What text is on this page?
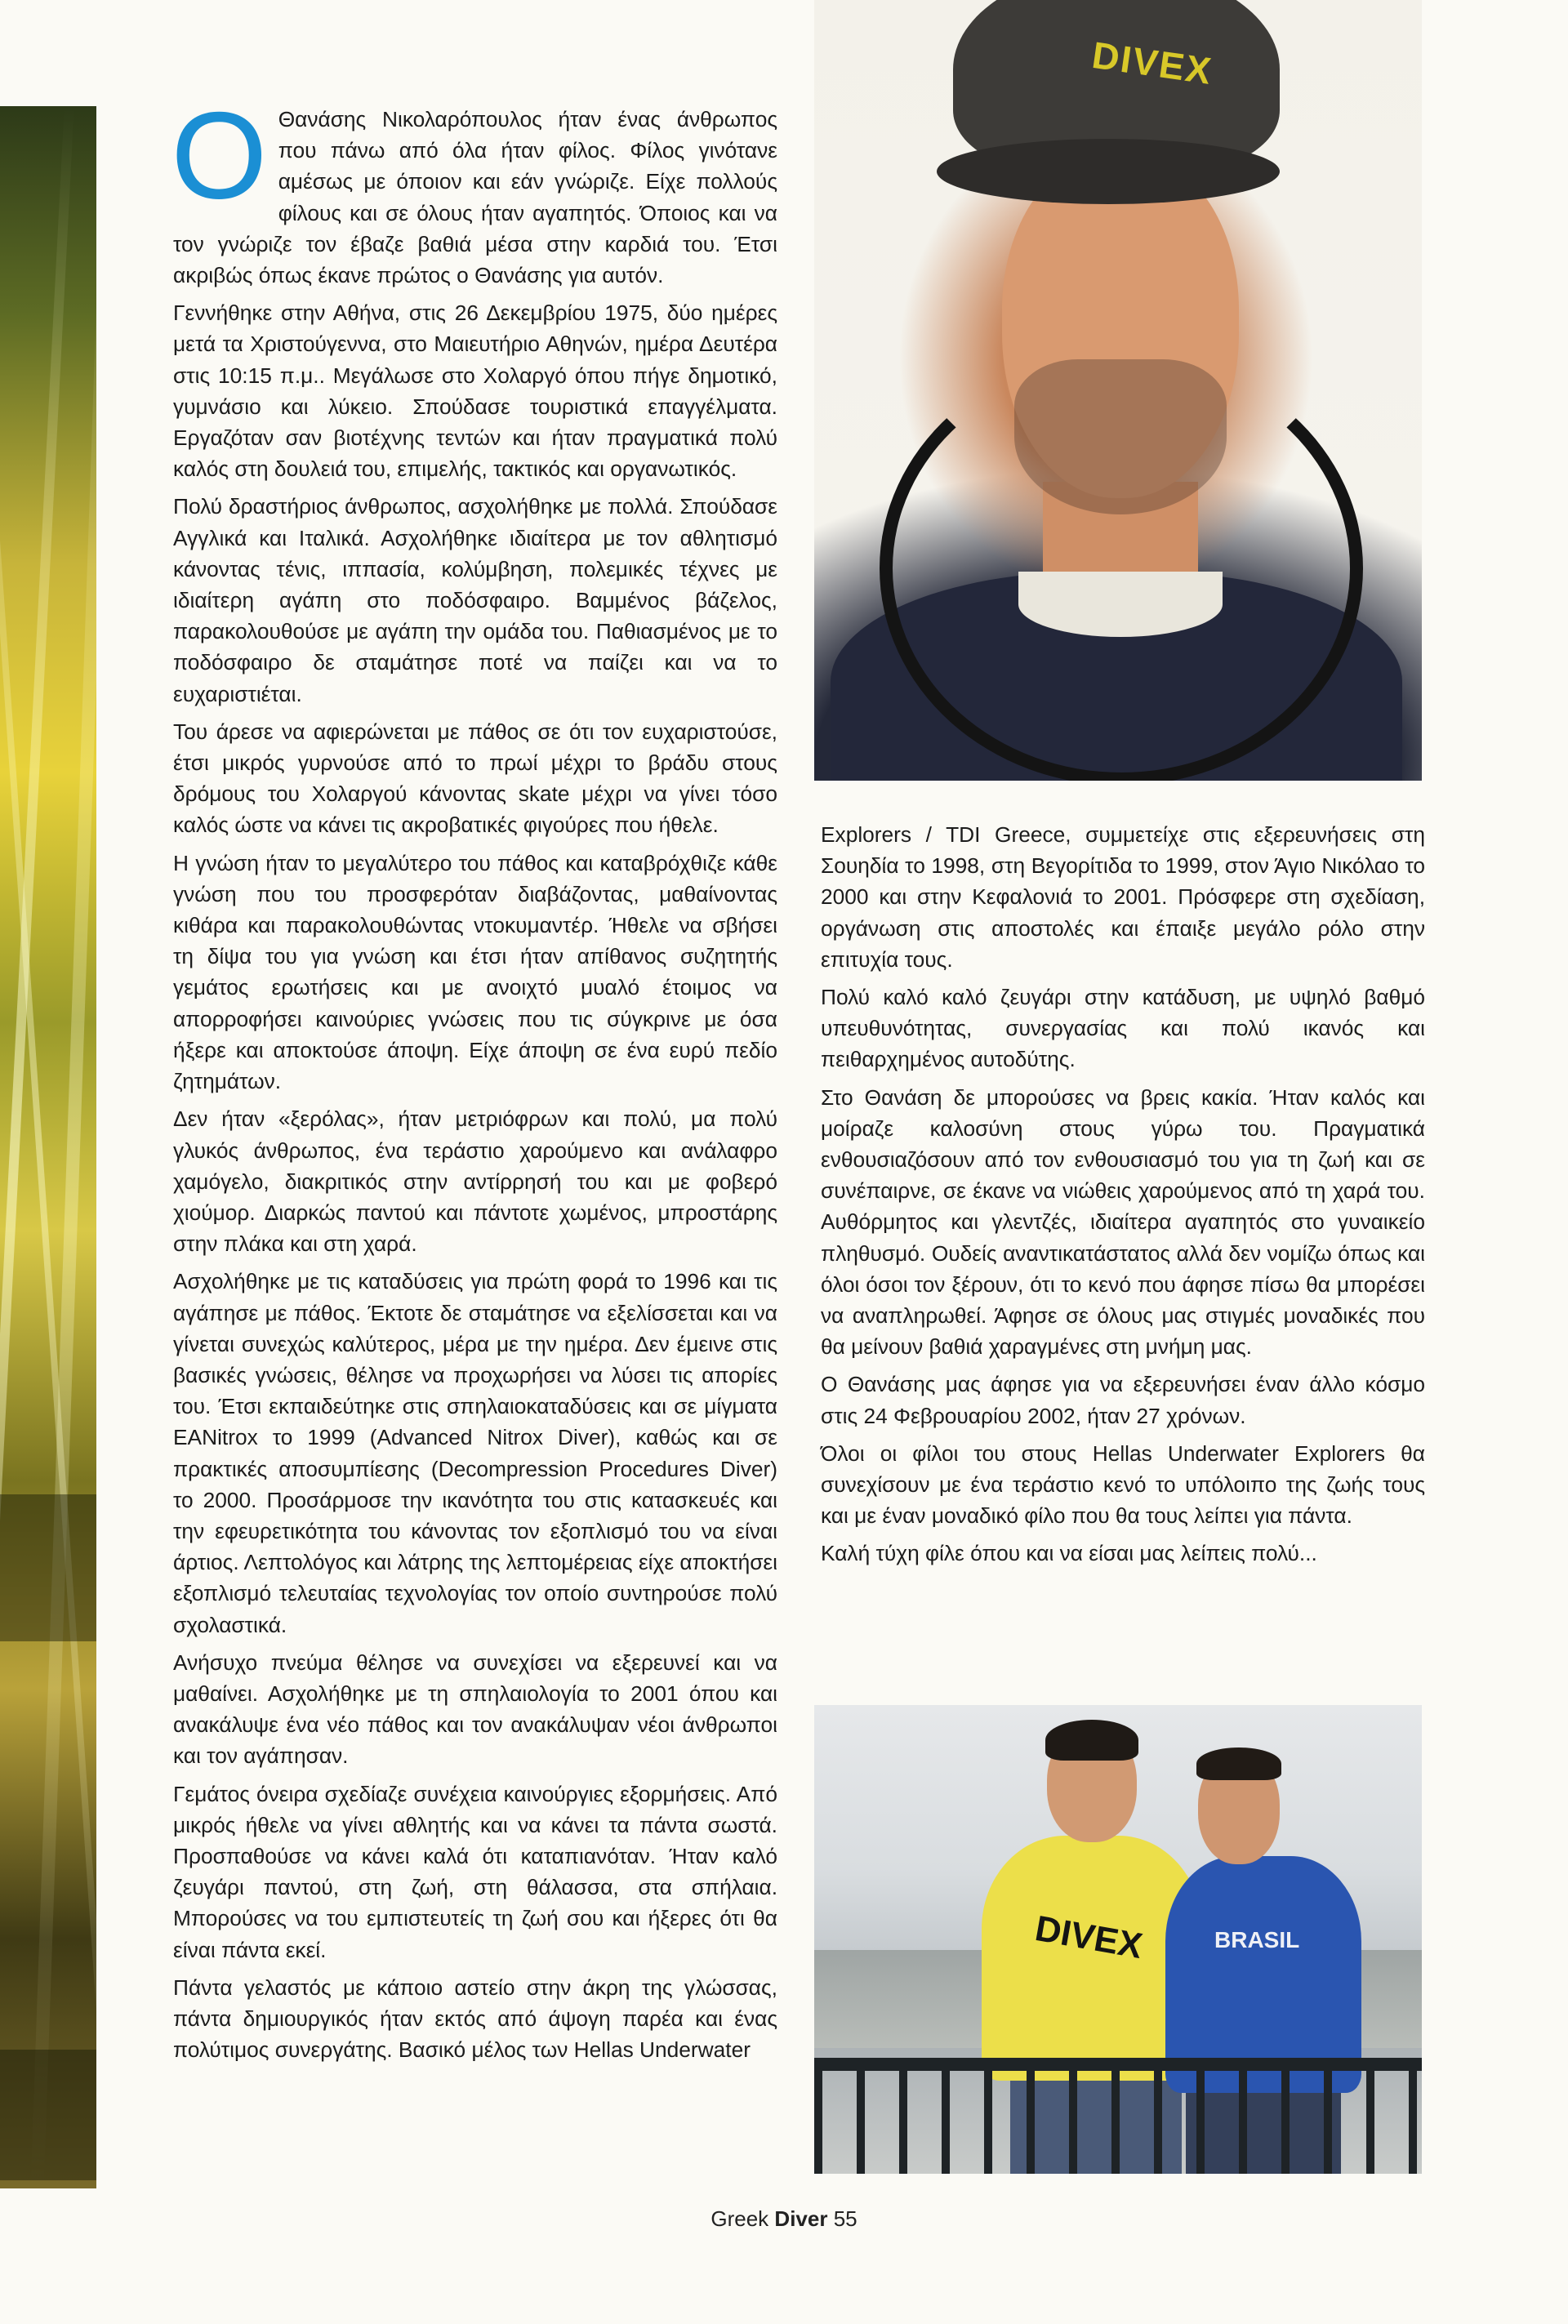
Ο Θανάσης Νικολαρόπουλος ήταν ένας άνθρωπος που πάνω από όλα ήταν φίλος. Φίλος γινότανε αμέσως με όποιον και εάν γνώριζε. Είχε πολλούς φίλους και σε όλους ήταν αγαπητός. Όποιος και να τον γνώριζε τον έβαζε βαθιά μέσα στην καρδιά του. Έτσι ακριβώς όπως έκανε πρώτος ο Θανάσης για αυτόν.

Γεννήθηκε στην Αθήνα, στις 26 Δεκεμβρίου 1975, δύο ημέρες μετά τα Χριστούγεννα, στο Μαιευτήριο Αθηνών, ημέρα Δευτέρα στις 10:15 π.μ.. Μεγάλωσε στο Χολαργό όπου πήγε δημοτικό, γυμνάσιο και λύκειο. Σπούδασε τουριστικά επαγγέλματα. Εργαζόταν σαν βιοτέχνης τεντών και ήταν πραγματικά πολύ καλός στη δουλειά του, επιμελής, τακτικός και οργανωτικός.

Πολύ δραστήριος άνθρωπος, ασχολήθηκε με πολλά. Σπούδασε Αγγλικά και Ιταλικά. Ασχολήθηκε ιδιαίτερα με τον αθλητισμό κάνοντας τένις, ιππασία, κολύμβηση, πολεμικές τέχνες με ιδιαίτερη αγάπη στο ποδόσφαιρο. Βαμμένος βάζελος, παρακολουθούσε με αγάπη την ομάδα του. Παθιασμένος με το ποδόσφαιρο δε σταμάτησε ποτέ να παίζει και να το ευχαριστιέται.

Του άρεσε να αφιερώνεται με πάθος σε ότι τον ευχαριστούσε, έτσι μικρός γυρνούσε από το πρωί μέχρι το βράδυ στους δρόμους του Χολαργού κάνοντας skate μέχρι να γίνει τόσο καλός ώστε να κάνει τις ακροβατικές φιγούρες που ήθελε.

Η γνώση ήταν το μεγαλύτερο του πάθος και καταβρόχθιζε κάθε γνώση που του προσφερόταν διαβάζοντας, μαθαίνοντας κιθάρα και παρακολουθώντας ντοκυμαντέρ. Ήθελε να σβήσει τη δίψα του για γνώση και έτσι ήταν απίθανος συζητητής γεμάτος ερωτήσεις και με ανοιχτό μυαλό έτοιμος να απορροφήσει καινούριες γνώσεις που τις σύγκρινε με όσα ήξερε και αποκτούσε άποψη. Είχε άποψη σε ένα ευρύ πεδίο ζητημάτων.

Δεν ήταν «ξερόλας», ήταν μετριόφρων και πολύ, μα πολύ γλυκός άνθρωπος, ένα τεράστιο χαρούμενο και ανάλαφρο χαμόγελο, διακριτικός στην αντίρρησή του και με φοβερό χιούμορ. Διαρκώς παντού και πάντοτε χωμένος, μπροστάρης στην πλάκα και στη χαρά.

Ασχολήθηκε με τις καταδύσεις για πρώτη φορά το 1996 και τις αγάπησε με πάθος. Έκτοτε δε σταμάτησε να εξελίσσεται και να γίνεται συνεχώς καλύτερος, μέρα με την ημέρα. Δεν έμεινε στις βασικές γνώσεις, θέλησε να προχωρήσει να λύσει τις απορίες του. Έτσι εκπαιδεύτηκε στις σπηλαιοκαταδύσεις και σε μίγματα EANitrox το 1999 (Advanced Nitrox Diver), καθώς και σε πρακτικές αποσυμπίεσης (Decompression Procedures Diver) το 2000. Προσάρμοσε την ικανότητα του στις κατασκευές και την εφευρετικότητα του κάνοντας τον εξοπλισμό του να είναι άρτιος. Λεπτολόγος και λάτρης της λεπτομέρειας είχε αποκτήσει εξοπλισμό τελευταίας τεχνολογίας τον οποίο συντηρούσε πολύ σχολαστικά.

Ανήσυχο πνεύμα θέλησε να συνεχίσει να εξερευνεί και να μαθαίνει. Ασχολήθηκε με τη σπηλαιολογία το 2001 όπου και ανακάλυψε ένα νέο πάθος και τον ανακάλυψαν νέοι άνθρωποι και τον αγάπησαν.

Γεμάτος όνειρα σχεδίαζε συνέχεια καινούργιες εξορμήσεις. Από μικρός ήθελε να γίνει αθλητής και να κάνει τα πάντα σωστά. Προσπαθούσε να κάνει καλά ότι καταπιανόταν. Ήταν καλό ζευγάρι παντού, στη ζωή, στη θάλασσα, στα σπήλαια. Μπορούσες να του εμπιστευτείς τη ζωή σου και ήξερες ότι θα είναι πάντα εκεί.

Πάντα γελαστός με κάποιο αστείο στην άκρη της γλώσσας, πάντα δημιουργικός ήταν εκτός από άψογη παρέα και ένας πολύτιμος συνεργάτης. Βασικό μέλος των Hellas Underwater

DIVEX

Explorers / TDI Greece, συμμετείχε στις εξερευνήσεις στη Σουηδία το 1998, στη Βεγορίτιδα το 1999, στον Άγιο Νικόλαο το 2000 και στην Κεφαλονιά το 2001. Πρόσφερε στη σχεδίαση, οργάνωση στις αποστολές και έπαιξε μεγάλο ρόλο στην επιτυχία τους.

Πολύ καλό καλό ζευγάρι στην κατάδυση, με υψηλό βαθμό υπευθυνότητας, συνεργασίας και πολύ ικανός και πειθαρχημένος αυτοδύτης.

Στο Θανάση δε μπορούσες να βρεις κακία. Ήταν καλός και μοίραζε καλοσύνη στους γύρω του. Πραγματικά ενθουσιαζόσουν από τον ενθουσιασμό του για τη ζωή και σε συνέπαιρνε, σε έκανε να νιώθεις χαρούμενος από τη χαρά του. Αυθόρμητος και γλεντζές, ιδιαίτερα αγαπητός στο γυναικείο πληθυσμό. Ουδείς αναντικατάστατος αλλά δεν νομίζω όπως και όλοι όσοι τον ξέρουν, ότι το κενό που άφησε πίσω θα μπορέσει να αναπληρωθεί. Άφησε σε όλους μας στιγμές μοναδικές που θα μείνουν βαθιά χαραγμένες στη μνήμη μας.

Ο Θανάσης μας άφησε για να εξερευνήσει έναν άλλο κόσμο στις 24 Φεβρουαρίου 2002, ήταν 27 χρόνων.

Όλοι οι φίλοι του στους Hellas Underwater Explorers θα συνεχίσουν με ένα τεράστιο κενό το υπόλοιπο της ζωής τους και με έναν μοναδικό φίλο που θα τους λείπει για πάντα.

Καλή τύχη φίλε όπου και να είσαι μας λείπεις πολύ...

DIVEX	BRASIL
Greek Diver 55
